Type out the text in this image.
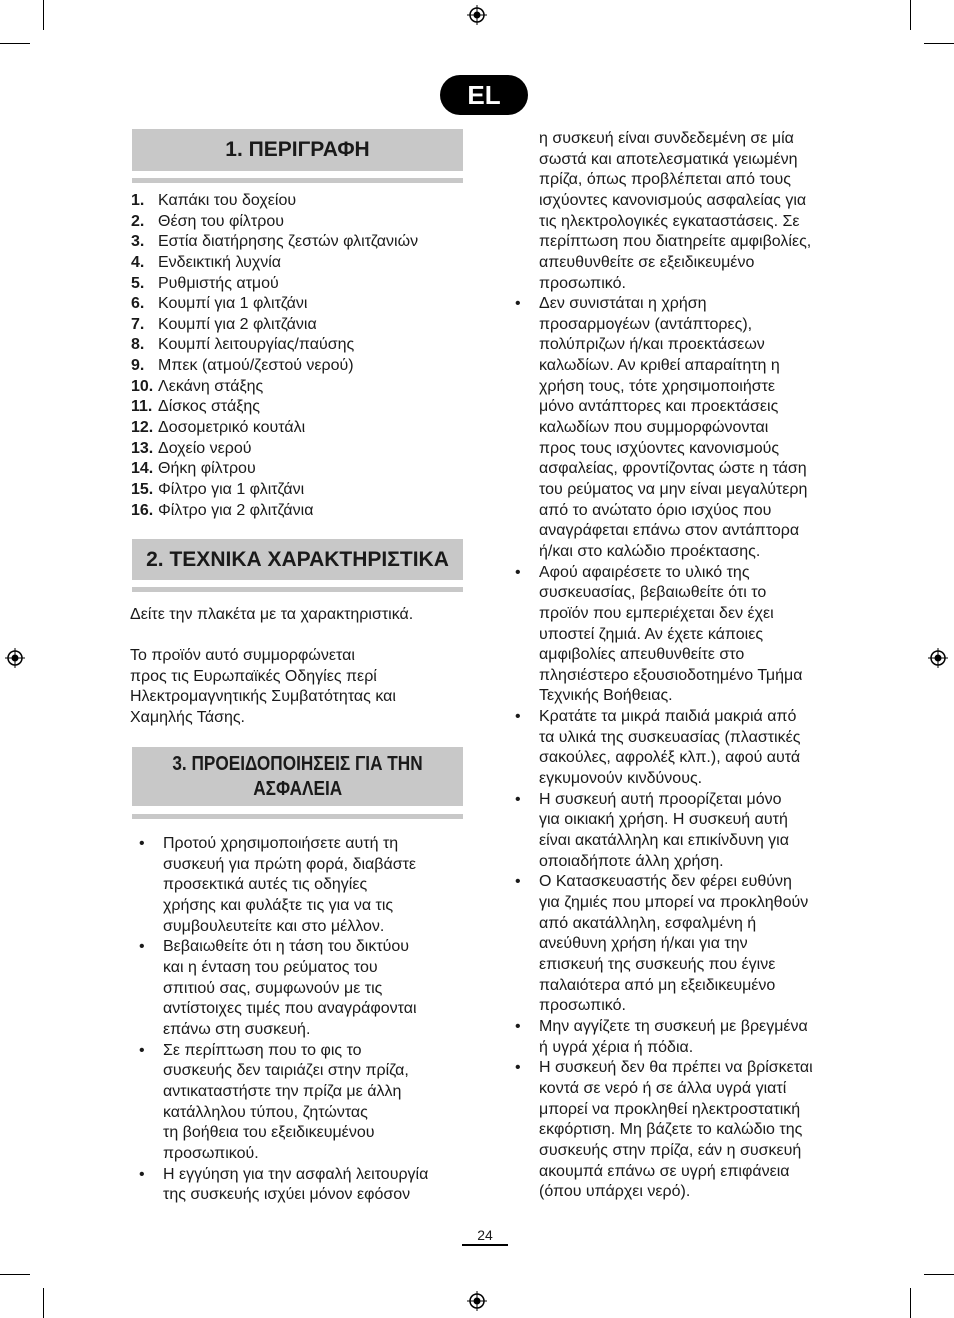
EL
1. ΠΕΡΙΓΡΑΦΗ
1. Καπάκι του δοχείου
2. Θέση του φίλτρου
3. Εστία διατήρησης ζεστών φλιτζανιών
4. Ενδεικτική λυχνία
5. Ρυθμιστής ατμού
6. Κουμπί για 1 φλιτζάνι
7. Κουμπί για 2 φλιτζάνια
8. Κουμπί λειτουργίας/παύσης
9. Μπεκ (ατμού/ζεστού νερού)
10. Λεκάνη στάξης
11. Δίσκος στάξης
12. Δοσομετρικό κουτάλι
13. Δοχείο νερού
14. Θήκη φίλτρου
15. Φίλτρο για 1 φλιτζάνι
16. Φίλτρο για 2 φλιτζάνια
2. ΤΕΧΝΙΚΑ ΧΑΡΑΚΤΗΡΙΣΤΙΚΑ

Δείτε την πλακέτα με τα χαρακτηριστικά.

Το προϊόν αυτό συμμορφώνεται
προς τις Ευρωπαϊκές Οδηγίες περί
Ηλεκτρομαγνητικής Συμβατότητας και
Χαμηλής Τάσης.

3. ΠΡΟΕΙΔΟΠΟΙΗΣΕΙΣ ΓΙΑ ΤΗΝ
ΑΣΦΑΛΕΙΑ
• Προτού χρησιμοποιήσετε αυτή τη
συσκευή για πρώτη φορά, διαβάστε
προσεκτικά αυτές τις οδηγίες
χρήσης και φυλάξτε τις για να τις
συμβουλευτείτε και στο μέλλον.
• Βεβαιωθείτε ότι η τάση του δικτύου
και η ένταση του ρεύματος του
σπιτιού σας, συμφωνούν με τις
αντίστοιχες τιμές που αναγράφονται
επάνω στη συσκευή.
• Σε περίπτωση που το φις το
συσκευής δεν ταιριάζει στην πρίζα,
αντικαταστήστε την πρίζα με άλλη
κατάλληλου τύπου, ζητώντας
τη βοήθεια του εξειδικευμένου
προσωπικού.
• Η εγγύηση για την ασφαλή λειτουργία
της συσκευής ισχύει μόνον εφόσον
η συσκευή είναι συνδεδεμένη σε μία
σωστά και αποτελεσματικά γειωμένη
πρίζα, όπως προβλέπεται από τους
ισχύοντες κανονισμούς ασφαλείας για
τις ηλεκτρολογικές εγκαταστάσεις. Σε
περίπτωση που διατηρείτε αμφιβολίες,
απευθυνθείτε σε εξειδικευμένο
προσωπικό.
• Δεν συνιστάται η χρήση
προσαρμογέων (αντάπτορες),
πολύπριζων ή/και προεκτάσεων
καλωδίων. Αν κριθεί απαραίτητη η
χρήση τους, τότε χρησιμοποιήστε
μόνο αντάπτορες και προεκτάσεις
καλωδίων που συμμορφώνονται
προς τους ισχύοντες κανονισμούς
ασφαλείας, φροντίζοντας ώστε η τάση
του ρεύματος να μην είναι μεγαλύτερη
από το ανώτατο όριο ισχύος που
αναγράφεται επάνω στον αντάπτορα
ή/και στο καλώδιο προέκτασης.
• Αφού αφαιρέσετε το υλικό της
συσκευασίας, βεβαιωθείτε ότι το
προϊόν που εμπεριέχεται δεν έχει
υποστεί ζημιά. Αν έχετε κάποιες
αμφιβολίες απευθυνθείτε στο
πλησιέστερο εξουσιοδοτημένο Τμήμα
Τεχνικής Βοήθειας.
• Κρατάτε τα μικρά παιδιά μακριά από
τα υλικά της συσκευασίας (πλαστικές
σακούλες, αφρολέξ κλπ.), αφού αυτά
εγκυμονούν κινδύνους.
• Η συσκευή αυτή προορίζεται μόνο
για οικιακή χρήση. Η συσκευή αυτή
είναι ακατάλληλη και επικίνδυνη για
οποιαδήποτε άλλη χρήση.
• Ο Κατασκευαστής δεν φέρει ευθύνη
για ζημιές που μπορεί να προκληθούν
από ακατάλληλη, εσφαλμένη ή
ανεύθυνη χρήση ή/και για την
επισκευή της συσκευής που έγινε
παλαιότερα από μη εξειδικευμένο
προσωπικό.
• Μην αγγίζετε τη συσκευή με βρεγμένα
ή υγρά χέρια ή πόδια.
• Η συσκευή δεν θα πρέπει να βρίσκεται
κοντά σε νερό ή σε άλλα υγρά γιατί
μπορεί να προκληθεί ηλεκτροστατική
εκφόρτιση. Μη βάζετε το καλώδιο της
συσκευής στην πρίζα, εάν η συσκευή
ακουμπά επάνω σε υγρή επιφάνεια
(όπου υπάρχει νερό).
24
